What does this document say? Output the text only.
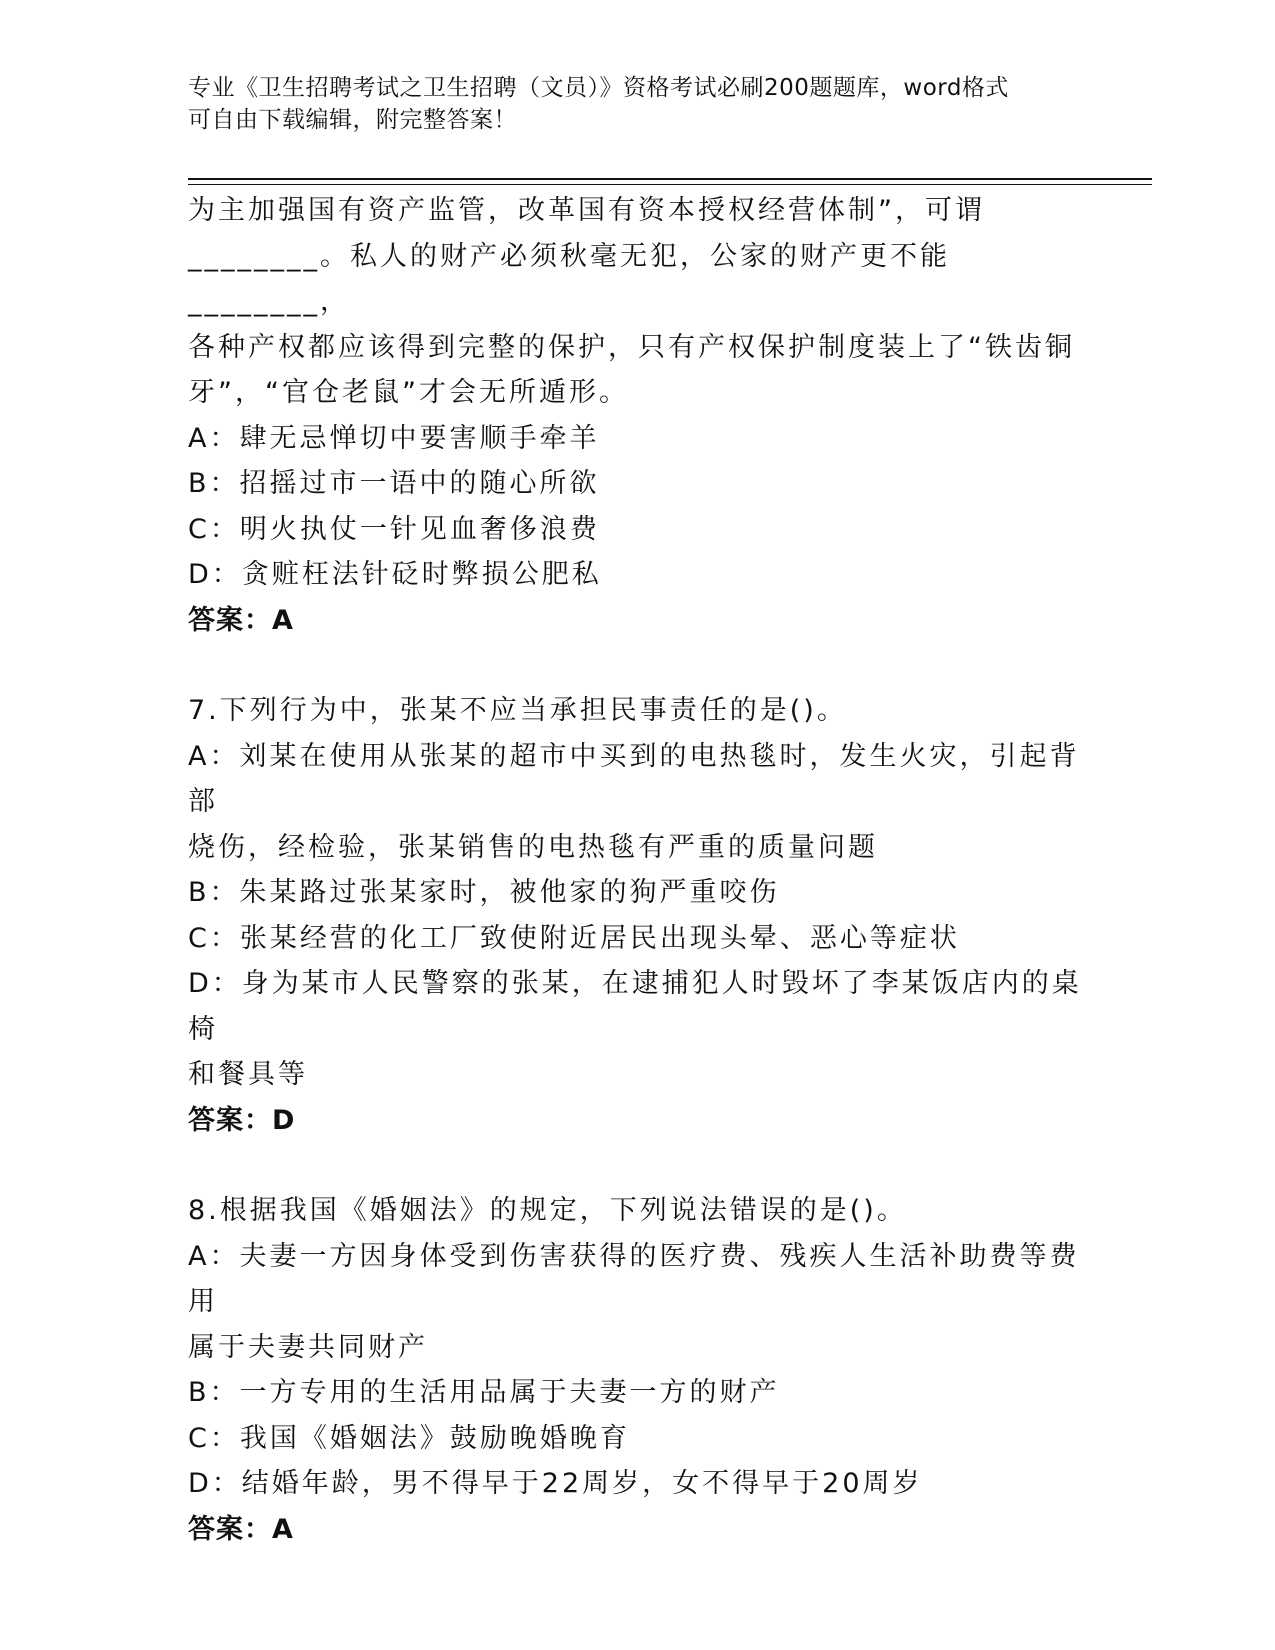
专业《卫生招聘考试之卫生招聘（文员）》资格考试必刷200题题库，word格式
可自由下载编辑，附完整答案！

为主加强国有资产监管，改革国有资本授权经营体制”，可谓

________。私人的财产必须秋毫无犯，公家的财产更不能________，

各种产权都应该得到完整的保护，只有产权保护制度装上了“铁齿铜

牙”，“官仓老鼠”才会无所遁形。

A：肆无忌惮切中要害顺手牵羊

B：招摇过市一语中的随心所欲

C：明火执仗一针见血奢侈浪费

D：贪赃枉法针砭时弊损公肥私

答案：A

7.下列行为中，张某不应当承担民事责任的是()。

A：刘某在使用从张某的超市中买到的电热毯时，发生火灾，引起背部

烧伤，经检验，张某销售的电热毯有严重的质量问题

B：朱某路过张某家时，被他家的狗严重咬伤

C：张某经营的化工厂致使附近居民出现头晕、恶心等症状

D：身为某市人民警察的张某，在逮捕犯人时毁坏了李某饭店内的桌椅

和餐具等

答案：D

8.根据我国《婚姻法》的规定，下列说法错误的是()。

A：夫妻一方因身体受到伤害获得的医疗费、残疾人生活补助费等费用

属于夫妻共同财产

B：一方专用的生活用品属于夫妻一方的财产

C：我国《婚姻法》鼓励晚婚晚育

D：结婚年龄，男不得早于22周岁，女不得早于20周岁

答案：A
